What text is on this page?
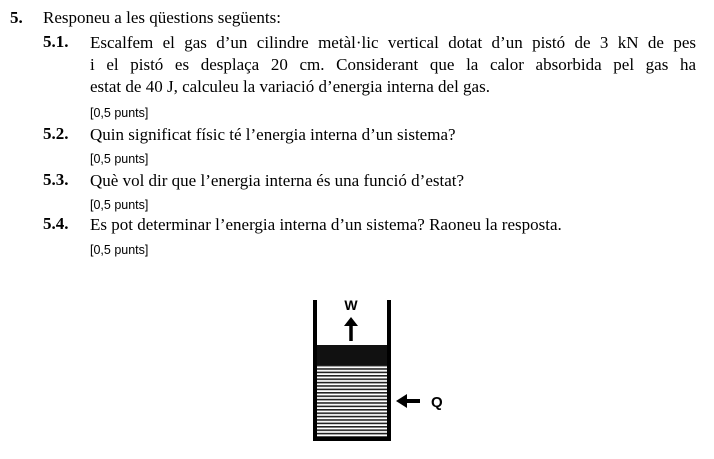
5. Responeu a les qüestions següents:
5.1. Escalfem el gas d’un cilindre metàl·lic vertical dotat d’un pistó de 3 kN de pes
i el pistó es desplaça 20 cm. Considerant que la calor absorbida pel gas ha
estat de 40 J, calculeu la variació d’energia interna del gas.
[0,5 punts]
5.2. Quin significat físic té l’energia interna d’un sistema?
[0,5 punts]
5.3. Què vol dir que l’energia interna és una funció d’estat?
[0,5 punts]
5.4. Es pot determinar l’energia interna d’un sistema? Raoneu la resposta.
[0,5 punts]
W
Q
